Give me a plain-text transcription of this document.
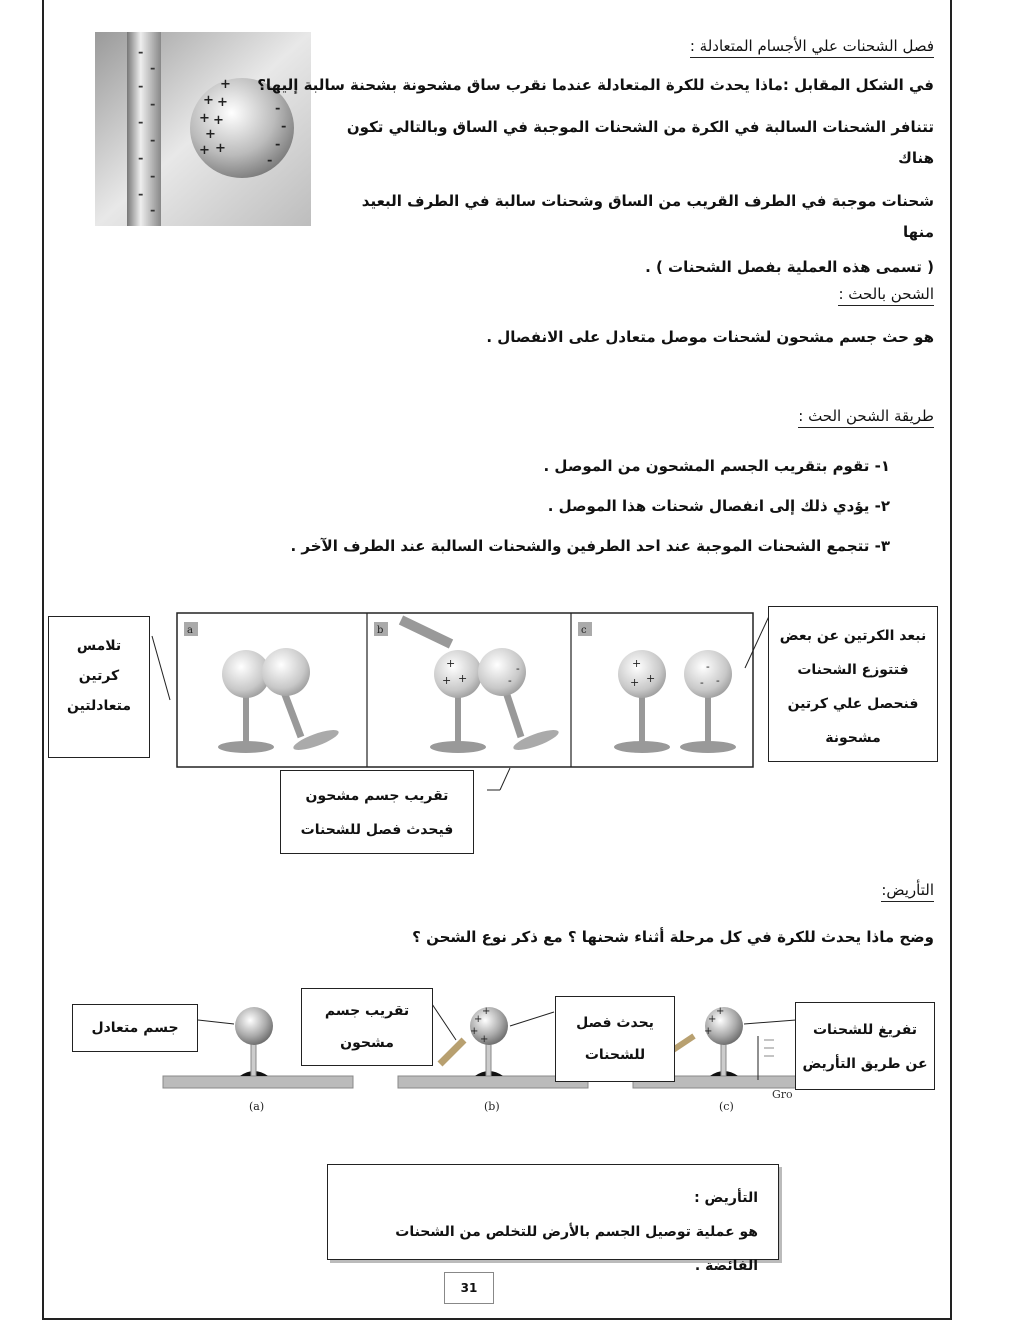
-
-
-
-
-
-
-
-
-
-
+
+ +
+ +
+
+
+
-
-
-
-
فصل الشحنات علي الأجسام المتعادلة :
في الشكل المقابل :ماذا يحدث للكرة المتعادلة عندما نقرب ساق مشحونة بشحنة سالبة إليها؟
تتنافر الشحنات السالبة في الكرة من الشحنات الموجبة في الساق وبالتالي تكون هناك
شحنات موجبة في الطرف القريب من الساق وشحنات سالبة في الطرف البعيد منها
( تسمى هذه العملية بفصل الشحنات ) .
الشحن بالحث :
هو حث جسم مشحون لشحنات موصل متعادل على الانفصال .
طريقة الشحن الحث :
١- تقوم بتقريب الجسم المشحون من الموصل .
٢- يؤدي ذلك إلى انفصال شحنات هذا الموصل .
٣- تتجمع الشحنات الموجبة عند احد الطرفين والشحنات السالبة عند الطرف الآخر .
a	b	c
+
+
+
-
-
+
+
+
-
-
-
تلامس
كرتين
متعادلتين
نبعد الكرتين عن بعض
فتتوزع الشحنات
فنحصل علي كرتين
مشحونة
تقريب جسم مشحون
فيحدث فصل للشحنات
التأريض:
وضح ماذا يحدث للكرة في كل مرحلة أثناء شحنها ؟ مع ذكر نوع الشحن ؟
+
+
+
+
+
+
+
Gro
(a)	(b)	(c)
جسم متعادل
تقريب جسم
مشحون
يحدث فصل
للشحنات
تفريغ للشحنات
عن طريق التأريض
التأريض :
هو عملية توصيل الجسم بالأرض للتخلص من الشحنات الفائضة .
31
